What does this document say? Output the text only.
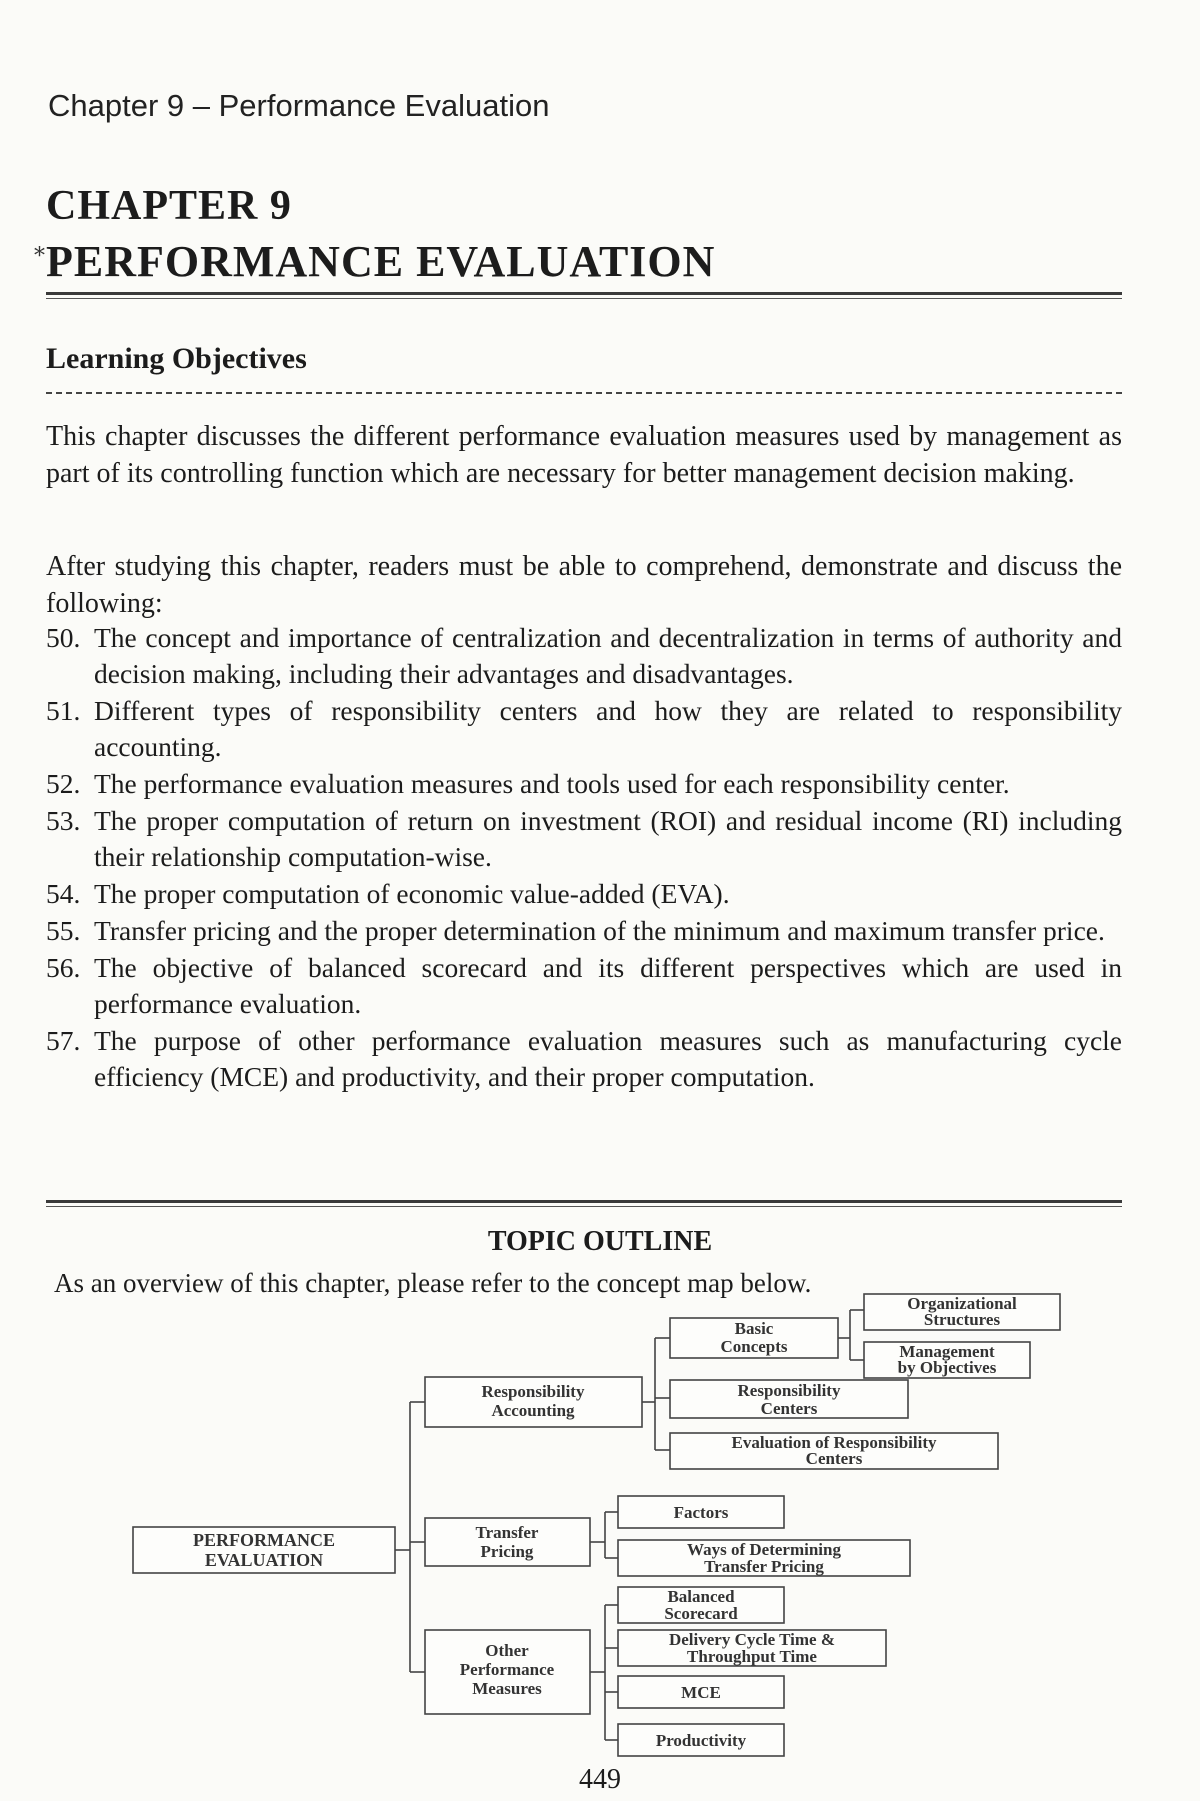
Chapter 9 – Performance Evaluation
CHAPTER 9
* PERFORMANCE EVALUATION
Learning Objectives
This chapter discusses the different performance evaluation measures used by management as part of its controlling function which are necessary for better management decision making.
After studying this chapter, readers must be able to comprehend, demonstrate and discuss the following:
50. The concept and importance of centralization and decentralization in terms of authority and decision making, including their advantages and disadvantages.
51. Different types of responsibility centers and how they are related to responsibility accounting.
52. The performance evaluation measures and tools used for each responsibility center.
53. The proper computation of return on investment (ROI) and residual income (RI) including their relationship computation-wise.
54. The proper computation of economic value-added (EVA).
55. Transfer pricing and the proper determination of the minimum and maximum transfer price.
56. The objective of balanced scorecard and its different perspectives which are used in performance evaluation.
57. The purpose of other performance evaluation measures such as manufacturing cycle efficiency (MCE) and productivity, and their proper computation.
TOPIC OUTLINE
As an overview of this chapter, please refer to the concept map below.
PERFORMANCE
EVALUATION
Responsibility
Accounting
Basic
Concepts
Organizational
Structures
Management
by Objectives
Responsibility
Centers
Evaluation of Responsibility
Centers
Transfer
Pricing
Factors
Ways of Determining
Transfer Pricing
Other
Performance
Measures
Balanced
Scorecard
Delivery Cycle Time &
Throughput Time
MCE
Productivity
449
